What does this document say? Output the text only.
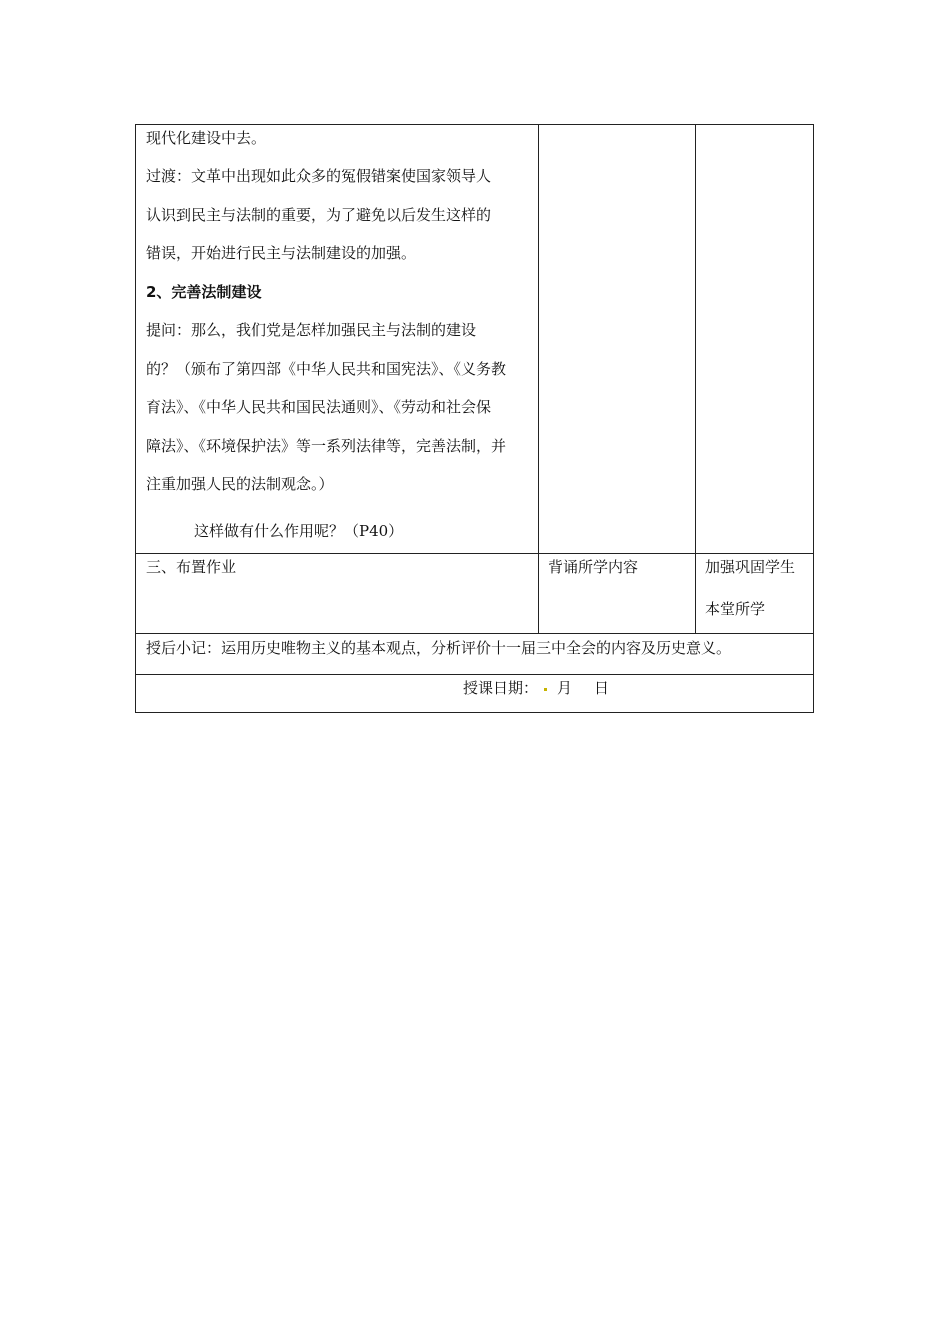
现代化建设中去。
过渡：文革中出现如此众多的冤假错案使国家领导人
认识到民主与法制的重要，为了避免以后发生这样的
错误，开始进行民主与法制建设的加强。
2、完善法制建设
提问：那么，我们党是怎样加强民主与法制的建设
的？（颁布了第四部《中华人民共和国宪法》、《义务教
育法》、《中华人民共和国民法通则》、《劳动和社会保
障法》、《环境保护法》等一系列法律等，完善法制，并
注重加强人民的法制观念。）
这样做有什么作用呢？（P40）
三、布置作业	背诵所学内容	加强巩固学生
本堂所学
授后小记：运用历史唯物主义的基本观点，分析评价十一届三中全会的内容及历史意义。
授课日期： 月 日
